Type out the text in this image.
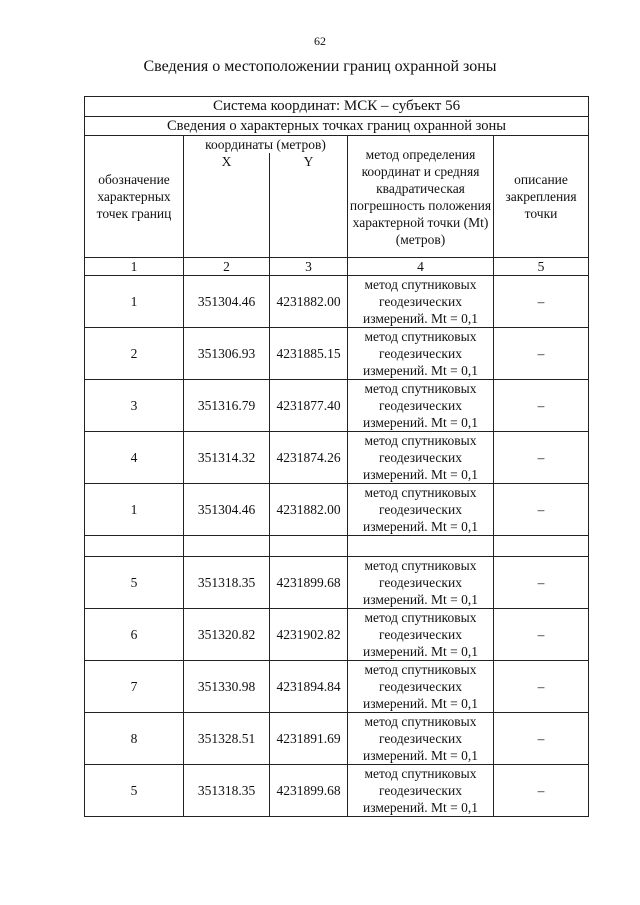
62
Сведения о местоположении границ охранной зоны
Система координат: МСК – субъект 56				
Сведения о характерных точках границ охранной зоны				
обозначение характерных точек границ	координаты (метров)		метод определения координат и средняя квадратическая погрешность положения характерной точки (Mt) (метров)	описание закрепления точки
	X	Y		
1	2	3	4	5
1	351304.46	4231882.00	метод спутниковых геодезических измерений. Mt = 0,1	–
2	351306.93	4231885.15	метод спутниковых геодезических измерений. Mt = 0,1	–
3	351316.79	4231877.40	метод спутниковых геодезических измерений. Mt = 0,1	–
4	351314.32	4231874.26	метод спутниковых геодезических измерений. Mt = 0,1	–
1	351304.46	4231882.00	метод спутниковых геодезических измерений. Mt = 0,1	–

5	351318.35	4231899.68	метод спутниковых геодезических измерений. Mt = 0,1	–
6	351320.82	4231902.82	метод спутниковых геодезических измерений. Mt = 0,1	–
7	351330.98	4231894.84	метод спутниковых геодезических измерений. Mt = 0,1	–
8	351328.51	4231891.69	метод спутниковых геодезических измерений. Mt = 0,1	–
5	351318.35	4231899.68	метод спутниковых геодезических измерений. Mt = 0,1	–
